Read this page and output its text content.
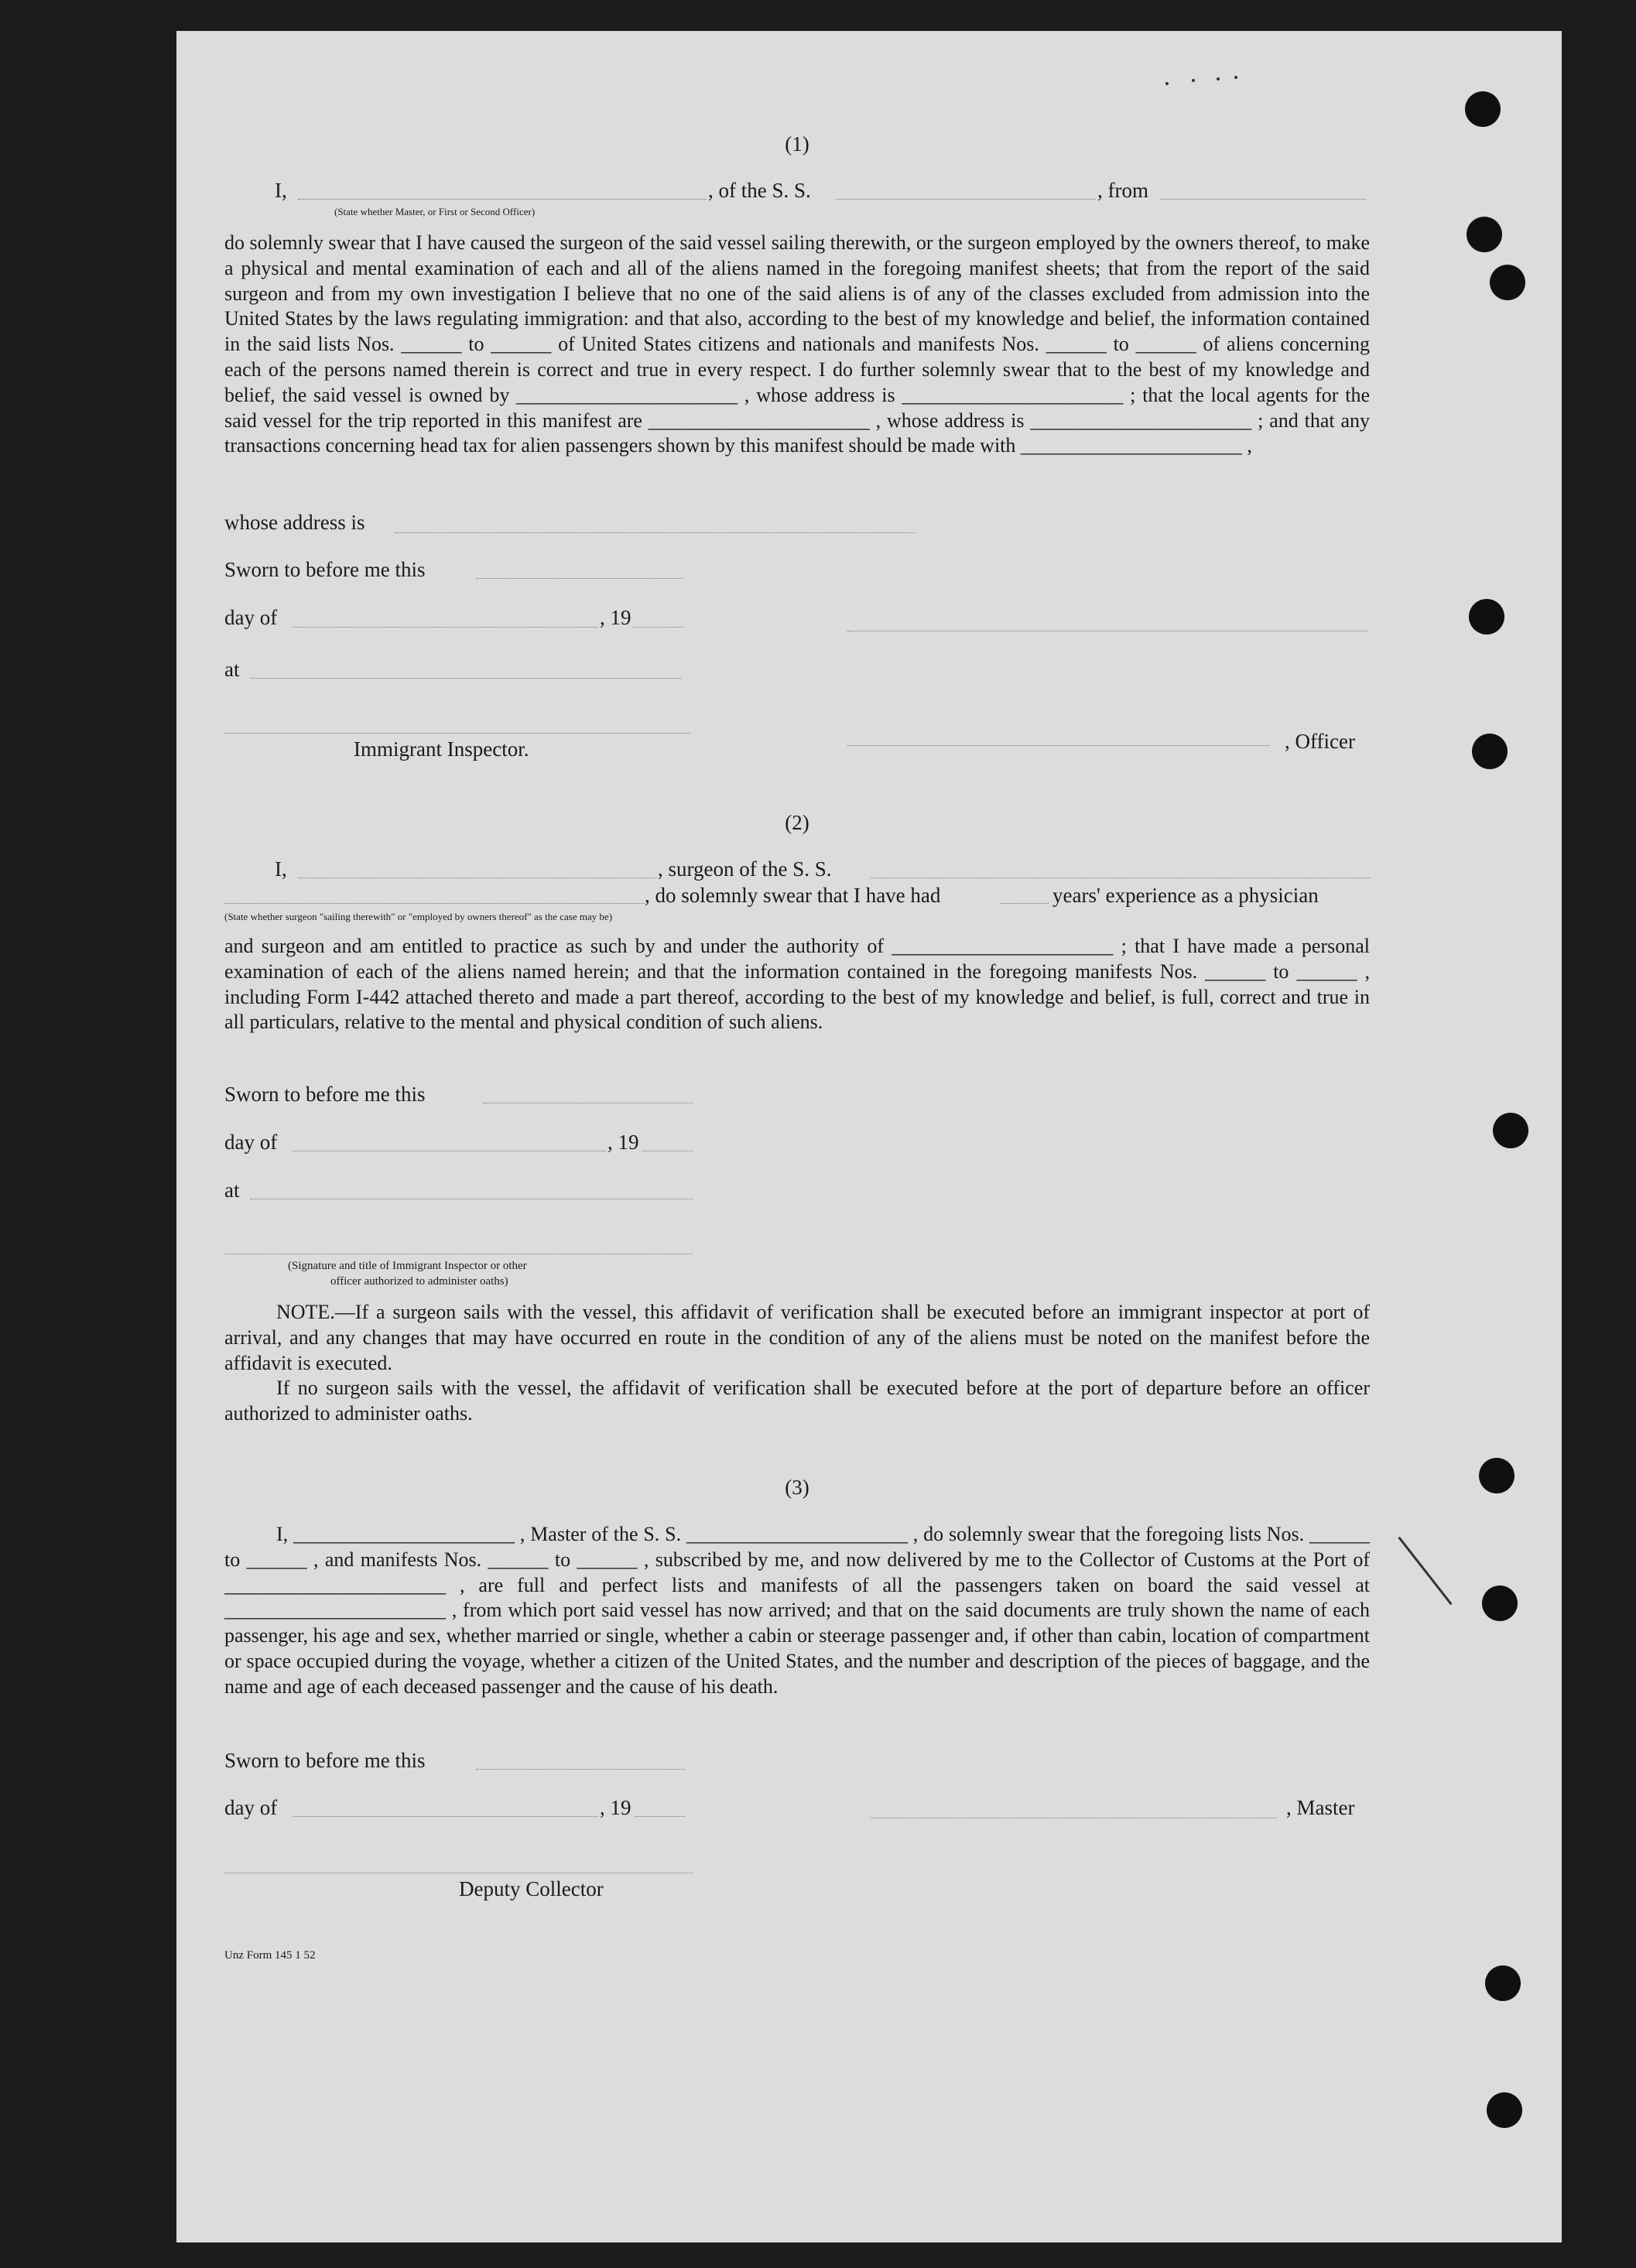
(1)
I,	, of the S. S.	, from
(State whether Master, or First or Second Officer)

do solemnly swear that I have caused the surgeon of the said vessel sailing therewith, or the surgeon employed by the owners thereof, to make a physical and mental examination of each and all of the aliens named in the foregoing manifest sheets; that from the report of the said surgeon and from my own investigation I believe that no one of the said aliens is of any of the classes excluded from admission into the United States by the laws regulating immigration: and that also, according to the best of my knowledge and belief, the information contained in the said lists Nos. ______ to ______ of United States citizens and nationals and manifests Nos. ______ to ______ of aliens concerning each of the persons named therein is correct and true in every respect. I do further solemnly swear that to the best of my knowledge and belief, the said vessel is owned by ______________________ , whose address is ______________________ ; that the local agents for the said vessel for the trip reported in this manifest are ______________________ , whose address is ______________________ ; and that any transactions concerning head tax for alien passengers shown by this manifest should be made with ______________________ ,

whose address is
Sworn to before me this
day of	, 19
at
Immigrant Inspector.	, Officer
(2)
I,	, surgeon of the S. S.
, do solemnly swear that I have had	years' experience as a physician
(State whether surgeon "sailing therewith" or "employed by owners thereof" as the case may be)

and surgeon and am entitled to practice as such by and under the authority of ______________________ ; that I have made a personal examination of each of the aliens named herein; and that the information contained in the foregoing manifests Nos. ______ to ______ , including Form I-442 attached thereto and made a part thereof, according to the best of my knowledge and belief, is full, correct and true in all particulars, relative to the mental and physical condition of such aliens.

Sworn to before me this
day of	, 19
at
(Signature and title of Immigrant Inspector or other
officer authorized to administer oaths)

NOTE.—If a surgeon sails with the vessel, this affidavit of verification shall be executed before an immigrant inspector at port of arrival, and any changes that may have occurred en route in the condition of any of the aliens must be noted on the manifest before the affidavit is executed.

If no surgeon sails with the vessel, the affidavit of verification shall be executed before at the port of departure before an officer authorized to administer oaths.

(3)

I, ______________________ , Master of the S. S. ______________________ , do solemnly swear that the foregoing lists Nos. ______ to ______ , and manifests Nos. ______ to ______ , subscribed by me, and now delivered by me to the Collector of Customs at the Port of ______________________ , are full and perfect lists and manifests of all the passengers taken on board the said vessel at ______________________ , from which port said vessel has now arrived; and that on the said documents are truly shown the name of each passenger, his age and sex, whether married or single, whether a cabin or steerage passenger and, if other than cabin, location of compartment or space occupied during the voyage, whether a citizen of the United States, and the number and description of the pieces of baggage, and the name and age of each deceased passenger and the cause of his death.

Sworn to before me this
day of	, 19	, Master
Deputy Collector
Unz Form 145 1 52
